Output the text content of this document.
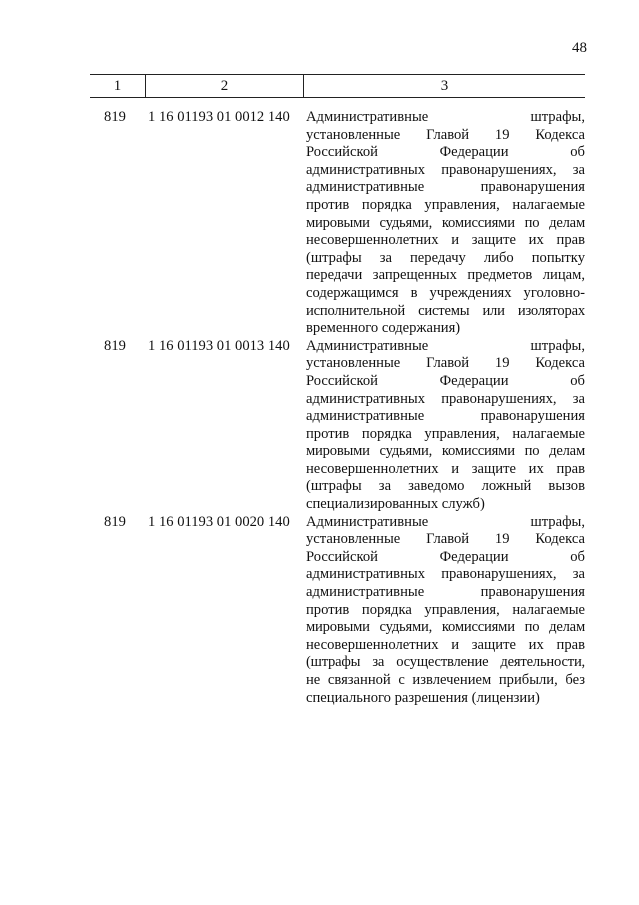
48
1	2	3
819	1 16 01193 01 0012 140	Административные штрафы,
установленные Главой 19 Кодекса
Российской Федерации об
административных правонарушениях, за
административные правонарушения
против порядка управления, налагаемые
мировыми судьями, комиссиями по делам
несовершеннолетних и защите их прав
(штрафы за передачу либо попытку
передачи запрещенных предметов лицам,
содержащимся в учреждениях уголовно-
исполнительной системы или изоляторах
временного содержания)
819	1 16 01193 01 0013 140	Административные штрафы,
установленные Главой 19 Кодекса
Российской Федерации об
административных правонарушениях, за
административные правонарушения
против порядка управления, налагаемые
мировыми судьями, комиссиями по делам
несовершеннолетних и защите их прав
(штрафы за заведомо ложный вызов
специализированных служб)
819	1 16 01193 01 0020 140	Административные штрафы,
установленные Главой 19 Кодекса
Российской Федерации об
административных правонарушениях, за
административные правонарушения
против порядка управления, налагаемые
мировыми судьями, комиссиями по делам
несовершеннолетних и защите их прав
(штрафы за осуществление деятельности,
не связанной с извлечением прибыли, без
специального разрешения (лицензии)
